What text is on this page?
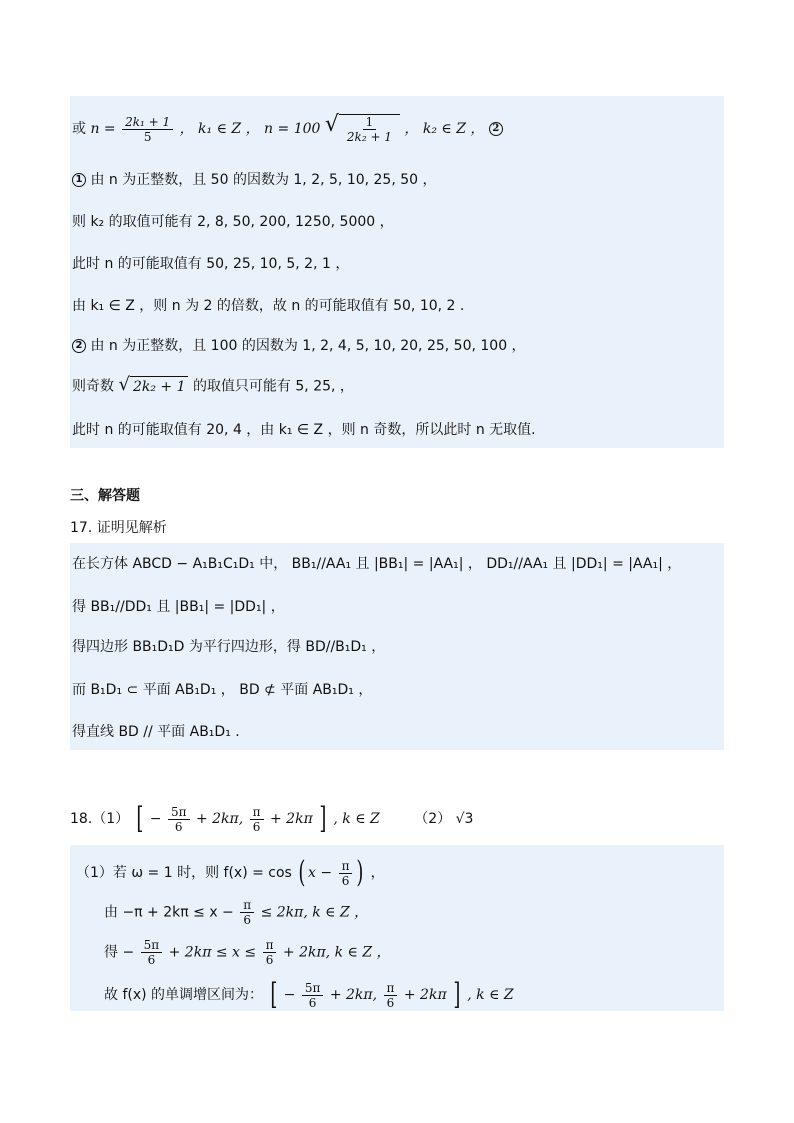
或 $n = \frac{\text{2k₁ + 1}}{5}$ ， k₁ ∈ Z ， n = 100 √ $\frac{1}{\text{2k₂ + 1}}$ ， k₂ ∈ Z ， 2
1 由 n 为正整数，且 50 的因数为 1, 2, 5, 10, 25, 50 ，
则 k₂ 的取值可能有 2, 8, 50, 200, 1250, 5000 ，
此时 n 的可能取值有 50, 25, 10, 5, 2, 1 ，
由 k₁ ∈ Z ，则 n 为 2 的倍数，故 n 的可能取值有 50, 10, 2 .
2 由 n 为正整数，且 100 的因数为 1, 2, 4, 5, 10, 20, 25, 50, 100 ，
则奇数 √ 2k₂ + 1 的取值只可能有 5, 25, ，
此时 n 的可能取值有 20, 4 ，由 k₁ ∈ Z ，则 n 奇数，所以此时 n 无取值.
三、解答题
17. 证明见解析
在长方体 ABCD − A₁B₁C₁D₁ 中， BB₁//AA₁ 且 |BB₁| = |AA₁| ， DD₁//AA₁ 且 |DD₁| = |AA₁| ，
得 BB₁//DD₁ 且 |BB₁| = |DD₁| ，
得四边形 BB₁D₁D 为平行四边形，得 BD//B₁D₁ ，
而 B₁D₁ ⊂ 平面 AB₁D₁ ， BD ⊄ 平面 AB₁D₁ ，
得直线 BD // 平面 AB₁D₁ .
18.（1） [ − $\frac{5\pi}{6} + 2k\pi$, $\frac{\pi}{6} + 2k\pi$ ] , k ∈ Z （2） √3
（1）若 ω = 1 时，则 f(x) = cos ( $x - \frac{\pi}{6}$ ) ，
由 $-\pi + 2k\pi \le x - \frac{\pi}{6} \le 2k\pi$, k ∈ Z ，
得 − $\frac{5\pi}{6} + 2k\pi \le x \le \frac{\pi}{6} + 2k\pi$, k ∈ Z ，
故 f(x) 的单调增区间为： [ − $\frac{5\pi}{6} + 2k\pi$, $\frac{\pi}{6} + 2k\pi$ ] , k ∈ Z
